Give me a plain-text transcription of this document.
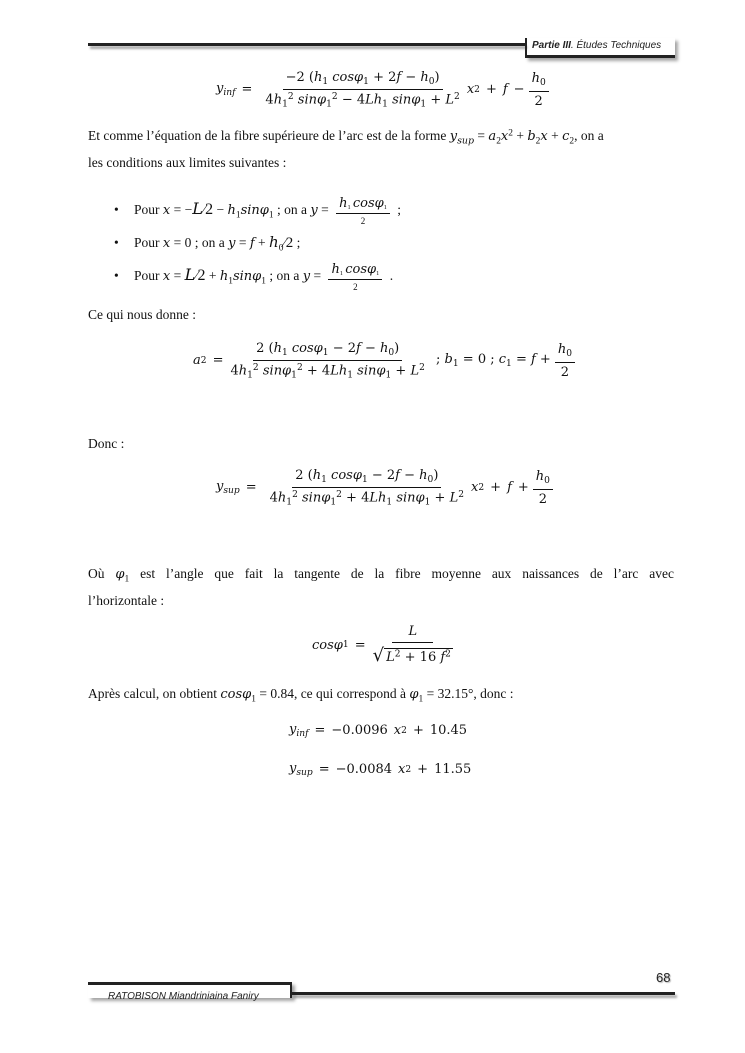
Partie III. Études Techniques
$y_{inf} = \frac{-2 (h_1 \cos\varphi_1 + 2f - h_0)}{4h_1^2 \sin\varphi_1^2 - 4Lh_1 \sin\varphi_1 + L^2}$ x $2 + f - \frac{h_0}{2}$
Et comme l’équation de la fibre supérieure de l’arc est de la forme $y_{sup} = a_2x^2 + b_2x + c_2$, on a
les conditions aux limites suivantes :
• Pour x = −L⁄2 − $h_1\sin\varphi_1$ ; on a $y = \frac{h_1 \cos\varphi_1}{2}$ ;
• Pour x = 0 ; on a $y = f + h_0⁄2$ ;
• Pour x = L⁄2 + $h_1\sin\varphi_1$ ; on a $y = \frac{h_1 \cos\varphi_1}{2}$ .
Ce qui nous donne :
a $2 = \frac{2 (h_1 \cos\varphi_1 - 2f - h_0)}{4h_1^2 \sin\varphi_1^2 + 4Lh_1 \sin\varphi_1 + L^2}$ ; $b_1 = 0$ ; $c_1 = f + \frac{h_0}{2}$
Donc :
$y_{sup} = \frac{2 (h_1 \cos\varphi_1 - 2f - h_0)}{4h_1^2 \sin\varphi_1^2 + 4Lh_1 \sin\varphi_1 + L^2}$ x $2 + f + \frac{h_0}{2}$
Où $\varphi_1$ est l’angle que fait la tangente de la fibre moyenne aux naissances de l’arc avec
l’horizontale :
cosφ $1 = \frac{L}{√ L^2 + 16 f^2}$
Après calcul, on obtient cosφ$_1$ = 0.84, ce qui correspond à $\varphi_1 = 32.15^\circ$, donc :
$y_{inf} = -0.0096$ x 2 + 10.45
$y_{sup} = -0.0084$ x 2 + 11.55
68
RATOBISON Miandriniaina Faniry
